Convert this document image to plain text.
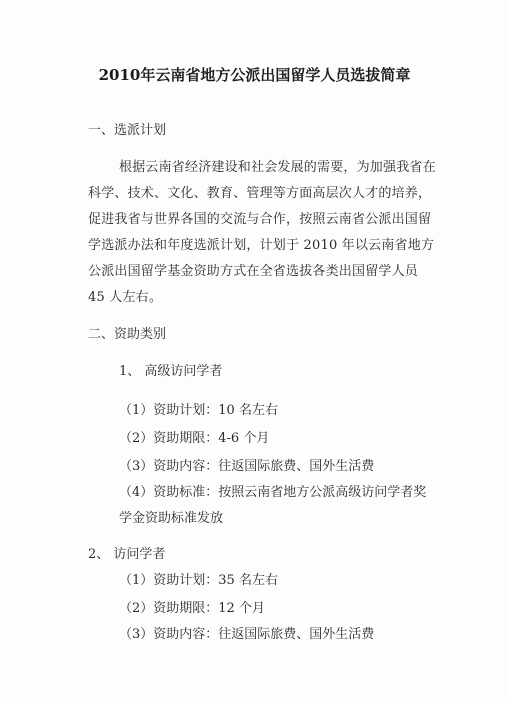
2010年云南省地方公派出国留学人员选拔简章
一、选派计划
根据云南省经济建设和社会发展的需要，为加强我省在
科学、技术、文化、教育、管理等方面高层次人才的培养，
促进我省与世界各国的交流与合作，按照云南省公派出国留
学选派办法和年度选派计划，计划于 2010 年以云南省地方
公派出国留学基金资助方式在全省选拔各类出国留学人员
45 人左右。
二、资助类别
1、 高级访问学者
（1）资助计划：10 名左右
（2）资助期限：4-6 个月
（3）资助内容：往返国际旅费、国外生活费
（4）资助标准：按照云南省地方公派高级访问学者奖
学金资助标准发放
2、 访问学者
（1）资助计划：35 名左右
（2）资助期限：12 个月
（3）资助内容：往返国际旅费、国外生活费
